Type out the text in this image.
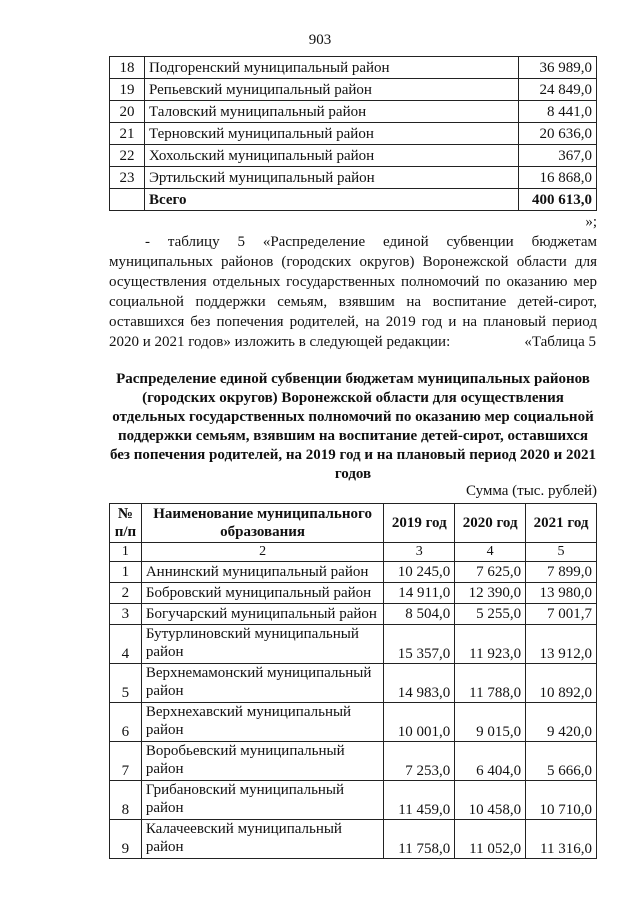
903
18	Подгоренский муниципальный район	36 989,0
19	Репьевский муниципальный район	24 849,0
20	Таловский муниципальный район	8 441,0
21	Терновский муниципальный район	20 636,0
22	Хохольский муниципальный район	367,0
23	Эртильский муниципальный район	16 868,0
	Всего	400 613,0
»;
- таблицу 5 «Распределение единой субвенции бюджетам муниципальных районов (городских округов) Воронежской области для осуществления отдельных государственных полномочий по оказанию мер социальной поддержки семьям, взявшим на воспитание детей-сирот, оставшихся без попечения родителей, на 2019 год и на плановый период 2020 и 2021 годов» изложить в следующей редакции:	«Таблица 5
Распределение единой субвенции бюджетам муниципальных районов (городских округов) Воронежской области для осуществления отдельных государственных полномочий по оказанию мер социальной поддержки семьям, взявшим на воспитание детей-сирот, оставшихся без попечения родителей, на 2019 год и на плановый период 2020 и 2021 годов
Сумма (тыс. рублей)
№ п/п	Наименование муниципального образования	2019 год	2020 год	2021 год
1	2	3	4	5
1	Аннинский муниципальный район	10 245,0	7 625,0	7 899,0
2	Бобровский муниципальный район	14 911,0	12 390,0	13 980,0
3	Богучарский муниципальный район	8 504,0	5 255,0	7 001,7
4	Бутурлиновский муниципальный район	15 357,0	11 923,0	13 912,0
5	Верхнемамонский муниципальный район	14 983,0	11 788,0	10 892,0
6	Верхнехавский муниципальный район	10 001,0	9 015,0	9 420,0
7	Воробьевский муниципальный район	7 253,0	6 404,0	5 666,0
8	Грибановский муниципальный район	11 459,0	10 458,0	10 710,0
9	Калачеевский муниципальный район	11 758,0	11 052,0	11 316,0
